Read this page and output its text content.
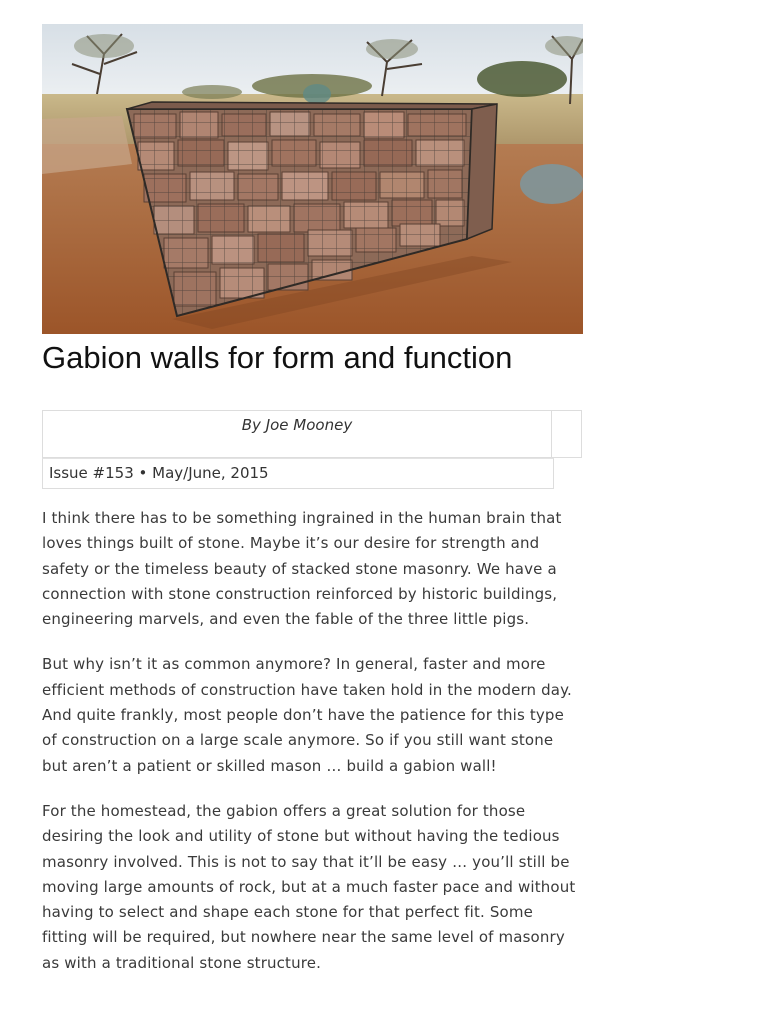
Gabion walls for form and function
By Joe Mooney
Issue #153 • May/June, 2015

I think there has to be something ingrained in the human brain that loves things built of stone. Maybe it’s our desire for strength and safety or the timeless beauty of stacked stone masonry. We have a connection with stone construction reinforced by historic buildings, engineering marvels, and even the fable of the three little pigs.

But why isn’t it as common anymore? In general, faster and more efficient methods of construction have taken hold in the modern day. And quite frankly, most people don’t have the patience for this type of construction on a large scale anymore. So if you still want stone but aren’t a patient or skilled mason … build a gabion wall!

For the homestead, the gabion offers a great solution for those desiring the look and utility of stone but without having the tedious masonry involved. This is not to say that it’ll be easy … you’ll still be moving large amounts of rock, but at a much faster pace and without having to select and shape each stone for that perfect fit. Some fitting will be required, but nowhere near the same level of masonry as with a traditional stone structure.
